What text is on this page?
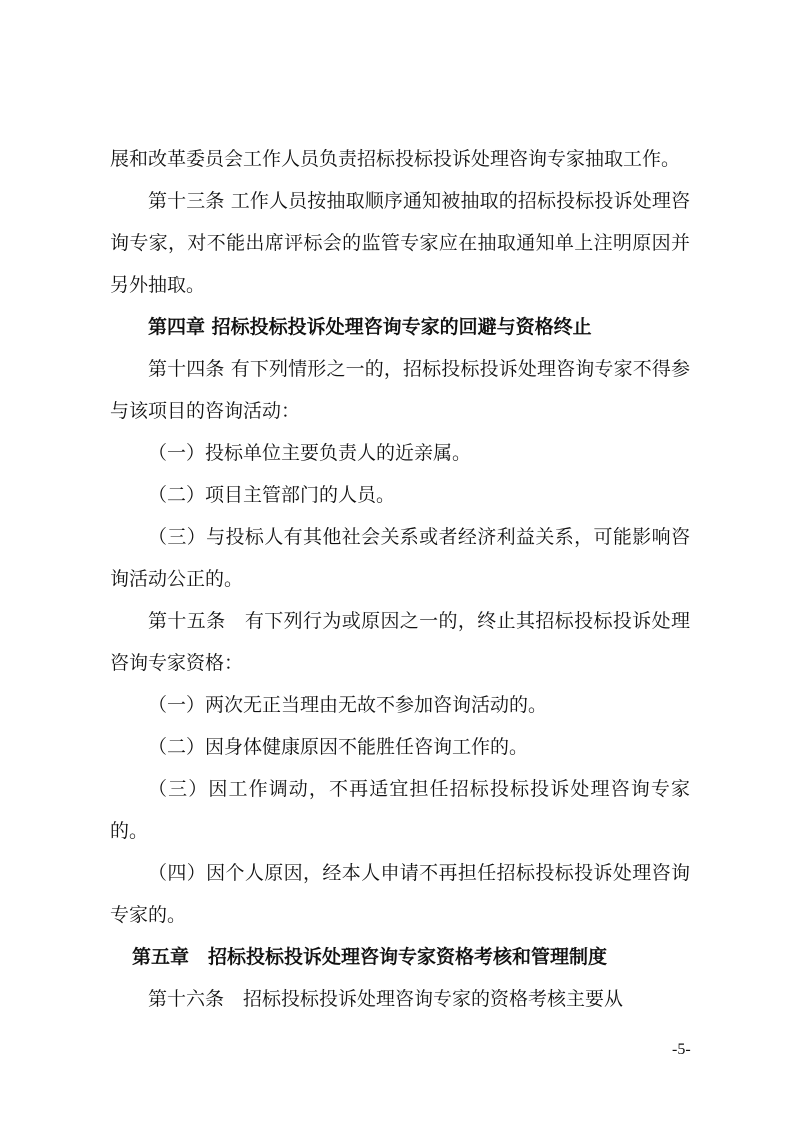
展和改革委员会工作人员负责招标投标投诉处理咨询专家抽取工作。

第十三条 工作人员按抽取顺序通知被抽取的招标投标投诉处理咨询专家，对不能出席评标会的监管专家应在抽取通知单上注明原因并另外抽取。

第四章 招标投标投诉处理咨询专家的回避与资格终止

第十四条 有下列情形之一的，招标投标投诉处理咨询专家不得参与该项目的咨询活动：

（一）投标单位主要负责人的近亲属。

（二）项目主管部门的人员。

（三）与投标人有其他社会关系或者经济利益关系，可能影响咨询活动公正的。

第十五条　有下列行为或原因之一的，终止其招标投标投诉处理咨询专家资格：

（一）两次无正当理由无故不参加咨询活动的。

（二）因身体健康原因不能胜任咨询工作的。

（三）因工作调动，不再适宜担任招标投标投诉处理咨询专家的。

（四）因个人原因，经本人申请不再担任招标投标投诉处理咨询专家的。

第五章　招标投标投诉处理咨询专家资格考核和管理制度

第十六条　招标投标投诉处理咨询专家的资格考核主要从

-5-
